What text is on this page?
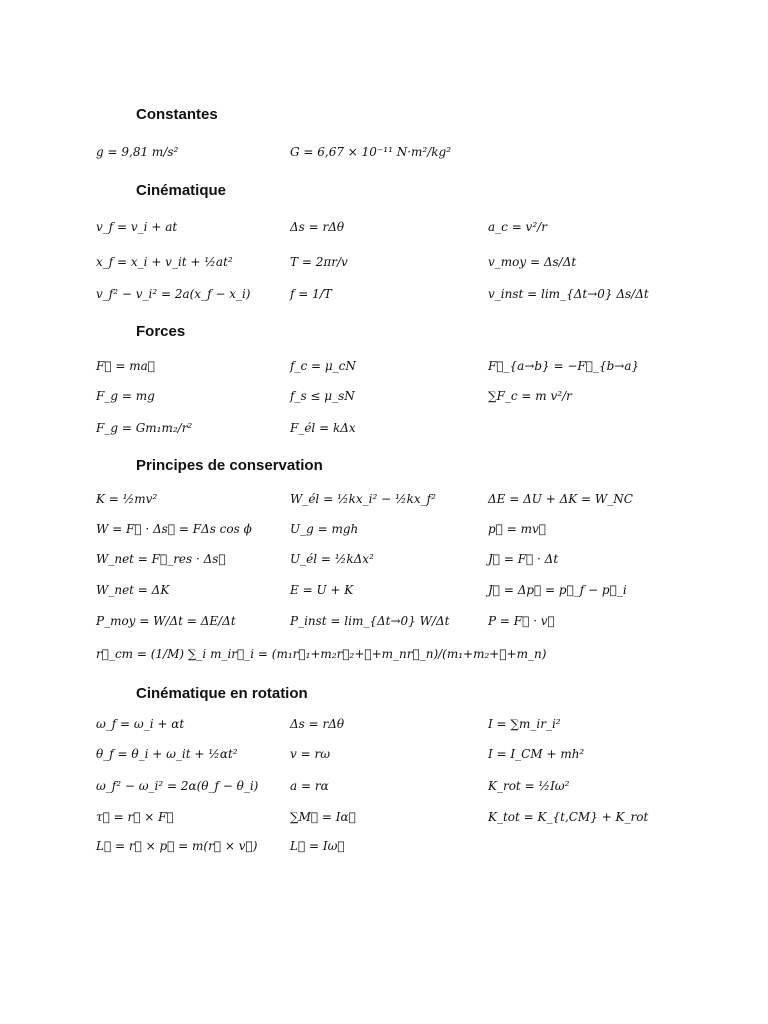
Constantes
g = 9,81 m/s²	G = 6,67 × 10⁻¹¹ N·m²/kg²
Cinématique
v_f = v_i + at	Δs = rΔθ	a_c = v²/r
x_f = x_i + v_it + ½at²	T = 2πr/v	v_moy = Δs/Δt
v_f² − v_i² = 2a(x_f − x_i)	f = 1/T	v_inst = lim_{Δt→0} Δs/Δt
Forces
F⃗ = ma⃗	f_c = μ_cN	F⃗_{a→b} = −F⃗_{b→a}
F_g = mg	f_s ≤ μ_sN	∑F_c = m v²/r
F_g = Gm₁m₂/r²	F_él = kΔx
Principes de conservation
K = ½mv²	W_él = ½kx_i² − ½kx_f²	ΔE = ΔU + ΔK = W_NC
W = F⃗ · Δs⃗ = FΔs cos ϕ	U_g = mgh	p⃗ = mv⃗
W_net = F⃗_res · Δs⃗	U_él = ½kΔx²	J⃗ = F⃗ · Δt
W_net = ΔK	E = U + K	J⃗ = Δp⃗ = p⃗_f − p⃗_i
P_moy = W/Δt = ΔE/Δt	P_inst = lim_{Δt→0} W/Δt	P = F⃗ · v⃗
r⃗_cm = (1/M) ∑_i m_ir⃗_i = (m₁r⃗₁+m₂r⃗₂+⋯+m_nr⃗_n)/(m₁+m₂+⋯+m_n)
Cinématique en rotation
ω_f = ω_i + αt	Δs = rΔθ	I = ∑m_ir_i²
θ_f = θ_i + ω_it + ½αt²	v = rω	I = I_CM + mh²
ω_f² − ω_i² = 2α(θ_f − θ_i)	a = rα	K_rot = ½Iω²
τ⃗ = r⃗ × F⃗	∑M⃗ = Iα⃗	K_tot = K_{t,CM} + K_rot
L⃗ = r⃗ × p⃗ = m(r⃗ × v⃗)	L⃗ = Iω⃗
